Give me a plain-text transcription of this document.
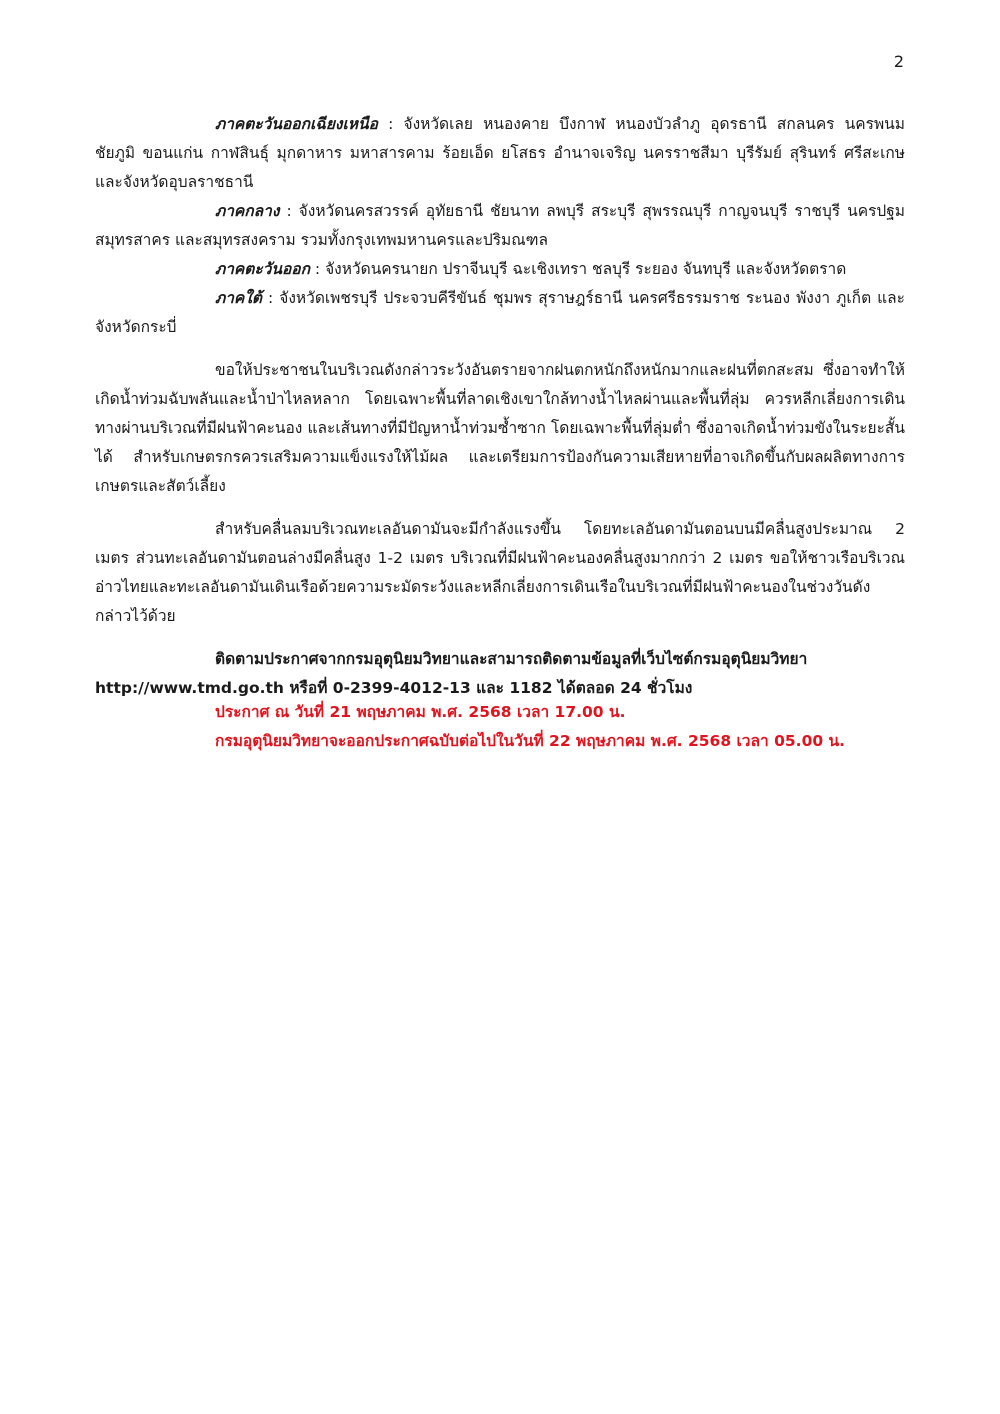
2

ภาคตะวันออกเฉียงเหนือ : จังหวัดเลย หนองคาย บึงกาฬ หนองบัวลำภู อุดรธานี สกลนคร นครพนม ชัยภูมิ ขอนแก่น กาฬสินธุ์ มุกดาหาร มหาสารคาม ร้อยเอ็ด ยโสธร อำนาจเจริญ นครราชสีมา บุรีรัมย์ สุรินทร์ ศรีสะเกษ และจังหวัดอุบลราชธานี

ภาคกลาง : จังหวัดนครสวรรค์ อุทัยธานี ชัยนาท ลพบุรี สระบุรี สุพรรณบุรี กาญจนบุรี ราชบุรี นครปฐม สมุทรสาคร และสมุทรสงคราม รวมทั้งกรุงเทพมหานครและปริมณฑล

ภาคตะวันออก : จังหวัดนครนายก ปราจีนบุรี ฉะเชิงเทรา ชลบุรี ระยอง จันทบุรี และจังหวัดตราด

ภาคใต้ : จังหวัดเพชรบุรี ประจวบคีรีขันธ์ ชุมพร สุราษฎร์ธานี นครศรีธรรมราช ระนอง พังงา ภูเก็ต และจังหวัดกระบี่

ขอให้ประชาชนในบริเวณดังกล่าวระวังอันตรายจากฝนตกหนักถึงหนักมากและฝนที่ตกสะสม ซึ่งอาจทำให้เกิดน้ำท่วมฉับพลันและน้ำป่าไหลหลาก โดยเฉพาะพื้นที่ลาดเชิงเขาใกล้ทางน้ำไหลผ่านและพื้นที่ลุ่ม ควรหลีกเลี่ยงการเดินทางผ่านบริเวณที่มีฝนฟ้าคะนอง และเส้นทางที่มีปัญหาน้ำท่วมซ้ำซาก โดยเฉพาะพื้นที่ลุ่มต่ำ ซึ่งอาจเกิดน้ำท่วมขังในระยะสั้นได้ สำหรับเกษตรกรควรเสริมความแข็งแรงให้ไม้ผล และเตรียมการป้องกันความเสียหายที่อาจเกิดขึ้นกับผลผลิตทางการเกษตรและสัตว์เลี้ยง

สำหรับคลื่นลมบริเวณทะเลอันดามันจะมีกำลังแรงขึ้น โดยทะเลอันดามันตอนบนมีคลื่นสูงประมาณ 2 เมตร ส่วนทะเลอันดามันตอนล่างมีคลื่นสูง 1-2 เมตร บริเวณที่มีฝนฟ้าคะนองคลื่นสูงมากกว่า 2 เมตร ขอให้ชาวเรือบริเวณอ่าวไทยและทะเลอันดามันเดินเรือด้วยความระมัดระวังและหลีกเลี่ยงการเดินเรือในบริเวณที่มีฝนฟ้าคะนองในช่วงวันดังกล่าวไว้ด้วย

ติดตามประกาศจากกรมอุตุนิยมวิทยาและสามารถติดตามข้อมูลที่เว็บไซต์กรมอุตุนิยมวิทยา http://www.tmd.go.th หรือที่ 0-2399-4012-13 และ 1182 ได้ตลอด 24 ชั่วโมง

ประกาศ ณ วันที่ 21 พฤษภาคม พ.ศ. 2568 เวลา 17.00 น.
กรมอุตุนิยมวิทยาจะออกประกาศฉบับต่อไปในวันที่ 22 พฤษภาคม พ.ศ. 2568 เวลา 05.00 น.
